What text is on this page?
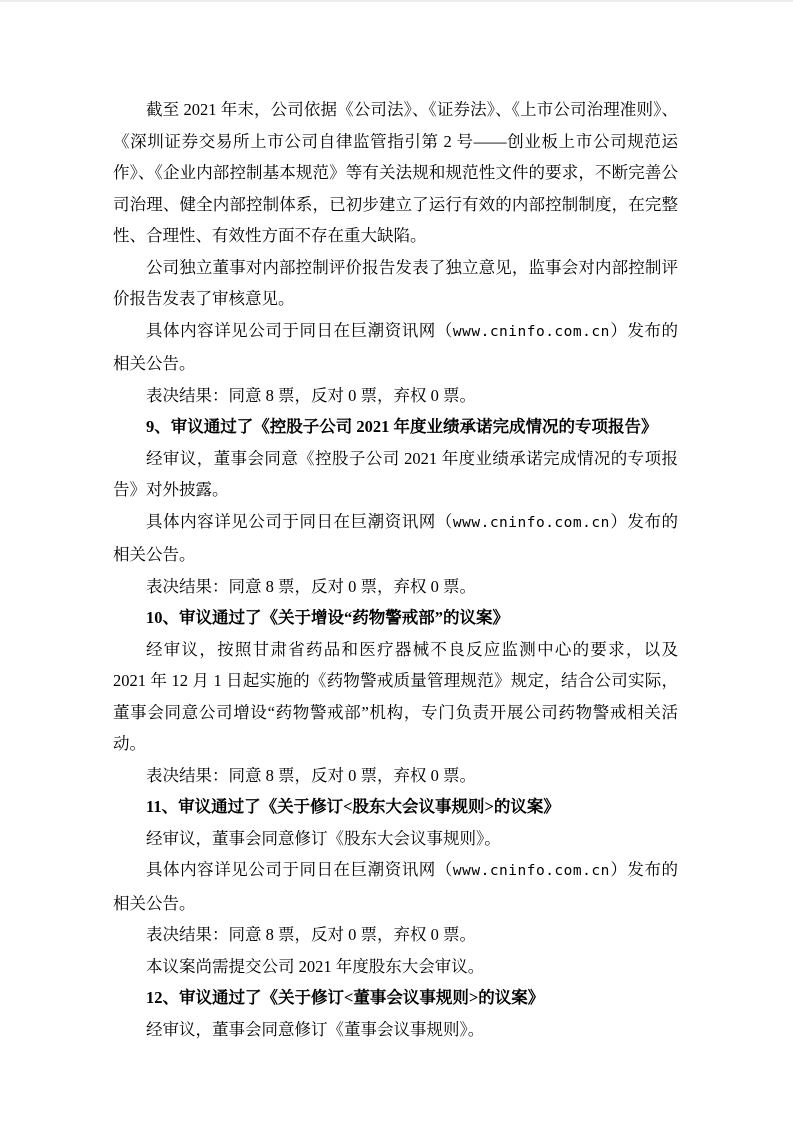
截至 2021 年末，公司依据《公司法》、《证券法》、《上市公司治理准则》、《深圳证券交易所上市公司自律监管指引第 2 号——创业板上市公司规范运作》、《企业内部控制基本规范》等有关法规和规范性文件的要求，不断完善公司治理、健全内部控制体系，已初步建立了运行有效的内部控制制度，在完整性、合理性、有效性方面不存在重大缺陷。

公司独立董事对内部控制评价报告发表了独立意见，监事会对内部控制评价报告发表了审核意见。

具体内容详见公司于同日在巨潮资讯网（www.cninfo.com.cn）发布的相关公告。

表决结果：同意 8 票，反对 0 票，弃权 0 票。

9、审议通过了《控股子公司 2021 年度业绩承诺完成情况的专项报告》

经审议，董事会同意《控股子公司 2021 年度业绩承诺完成情况的专项报告》对外披露。

具体内容详见公司于同日在巨潮资讯网（www.cninfo.com.cn）发布的相关公告。

表决结果：同意 8 票，反对 0 票，弃权 0 票。

10、审议通过了《关于增设“药物警戒部”的议案》

经审议，按照甘肃省药品和医疗器械不良反应监测中心的要求，以及 2021 年 12 月 1 日起实施的《药物警戒质量管理规范》规定，结合公司实际，董事会同意公司增设“药物警戒部”机构，专门负责开展公司药物警戒相关活动。

表决结果：同意 8 票，反对 0 票，弃权 0 票。

11、审议通过了《关于修订<股东大会议事规则>的议案》

经审议，董事会同意修订《股东大会议事规则》。

具体内容详见公司于同日在巨潮资讯网（www.cninfo.com.cn）发布的相关公告。

表决结果：同意 8 票，反对 0 票，弃权 0 票。

本议案尚需提交公司 2021 年度股东大会审议。

12、审议通过了《关于修订<董事会议事规则>的议案》

经审议，董事会同意修订《董事会议事规则》。
